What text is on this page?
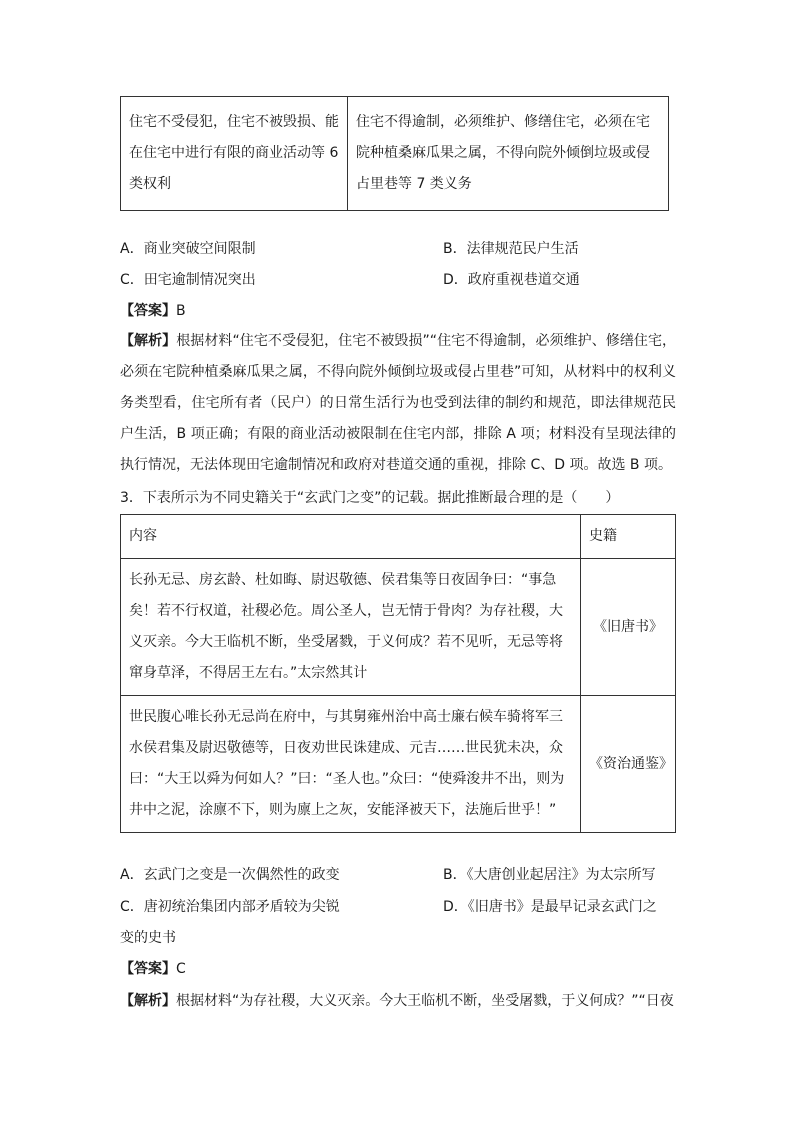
住宅不受侵犯，住宅不被毁损、能在住宅中进行有限的商业活动等 6 类权利	住宅不得逾制，必须维护、修缮住宅，必须在宅院种植桑麻瓜果之属，不得向院外倾倒垃圾或侵占里巷等 7 类义务
A．商业突破空间限制	B．法律规范民户生活
C．田宅逾制情况突出	D．政府重视巷道交通
【答案】B
【解析】根据材料“住宅不受侵犯，住宅不被毁损”“住宅不得逾制，必须维护、修缮住宅，必须在宅院种植桑麻瓜果之属，不得向院外倾倒垃圾或侵占里巷”可知，从材料中的权利义务类型看，住宅所有者（民户）的日常生活行为也受到法律的制约和规范，即法律规范民户生活，B 项正确；有限的商业活动被限制在住宅内部，排除 A 项；材料没有呈现法律的执行情况，无法体现田宅逾制情况和政府对巷道交通的重视，排除 C、D 项。故选 B 项。
3．下表所示为不同史籍关于“玄武门之变”的记载。据此推断最合理的是（　　）
内容	史籍
长孙无忌、房玄龄、杜如晦、尉迟敬德、侯君集等日夜固争曰：“事急矣！若不行权道，社稷必危。周公圣人，岂无情于骨肉？为存社稷，大义灭亲。今大王临机不断，坐受屠戮，于义何成？若不见听，无忌等将窜身草泽，不得居王左右。”太宗然其计	《旧唐书》
世民腹心唯长孙无忌尚在府中，与其舅雍州治中高士廉右候车骑将军三水侯君集及尉迟敬德等，日夜劝世民诛建成、元吉……世民犹未决，众曰：“大王以舜为何如人？”曰：“圣人也。”众曰：“使舜浚井不出，则为井中之泥，涂廪不下，则为廪上之灰，安能泽被天下，法施后世乎！”	《资治通鉴》
A．玄武门之变是一次偶然性的政变	B．《大唐创业起居注》为太宗所写
C．唐初统治集团内部矛盾较为尖锐	D．《旧唐书》是最早记录玄武门之
变的史书
【答案】C
【解析】根据材料“为存社稷，大义灭亲。今大王临机不断，坐受屠戮，于义何成？”“日夜
